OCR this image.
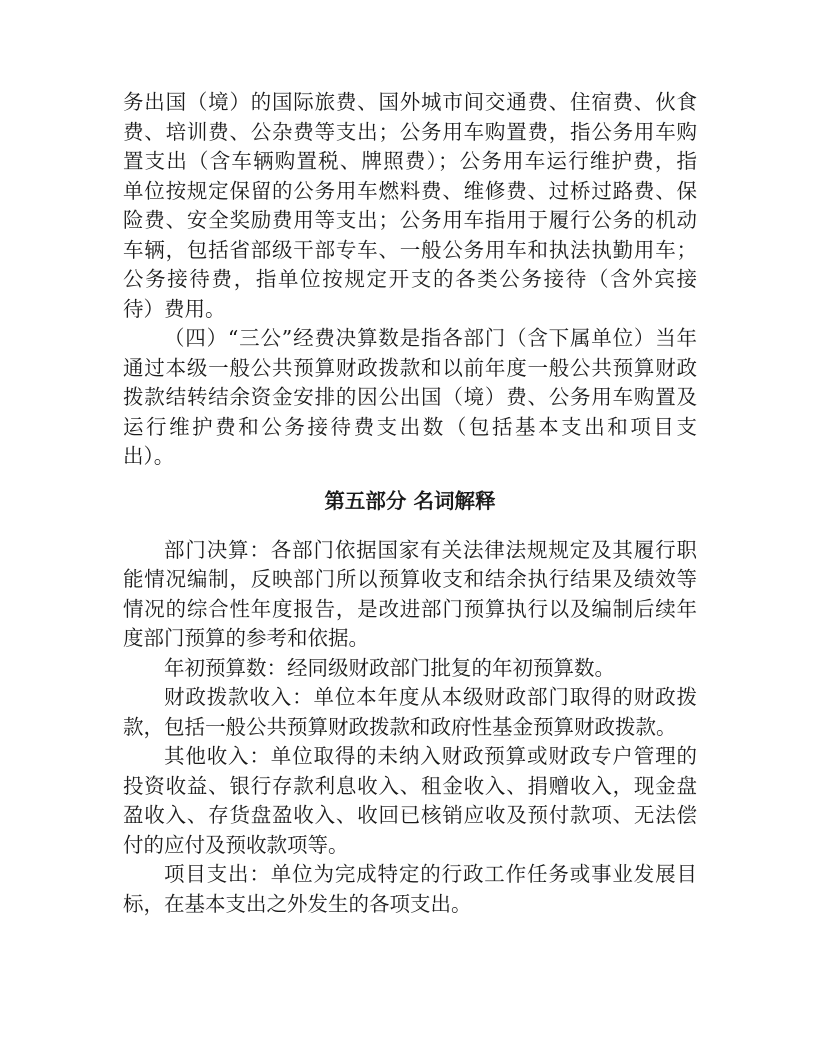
务出国（境）的国际旅费、国外城市间交通费、住宿费、伙食
费、培训费、公杂费等支出；公务用车购置费，指公务用车购
置支出（含车辆购置税、牌照费）；公务用车运行维护费，指
单位按规定保留的公务用车燃料费、维修费、过桥过路费、保
险费、安全奖励费用等支出；公务用车指用于履行公务的机动
车辆，包括省部级干部专车、一般公务用车和执法执勤用车；
公务接待费，指单位按规定开支的各类公务接待（含外宾接
待）费用。
（四）“三公”经费决算数是指各部门（含下属单位）当年
通过本级一般公共预算财政拨款和以前年度一般公共预算财政
拨款结转结余资金安排的因公出国（境）费、公务用车购置及
运行维护费和公务接待费支出数（包括基本支出和项目支
出）。
第五部分 名词解释
部门决算：各部门依据国家有关法律法规规定及其履行职
能情况编制，反映部门所以预算收支和结余执行结果及绩效等
情况的综合性年度报告，是改进部门预算执行以及编制后续年
度部门预算的参考和依据。
年初预算数：经同级财政部门批复的年初预算数。
财政拨款收入：单位本年度从本级财政部门取得的财政拨
款，包括一般公共预算财政拨款和政府性基金预算财政拨款。
其他收入：单位取得的未纳入财政预算或财政专户管理的
投资收益、银行存款利息收入、租金收入、捐赠收入，现金盘
盈收入、存货盘盈收入、收回已核销应收及预付款项、无法偿
付的应付及预收款项等。
项目支出：单位为完成特定的行政工作任务或事业发展目
标，在基本支出之外发生的各项支出。
